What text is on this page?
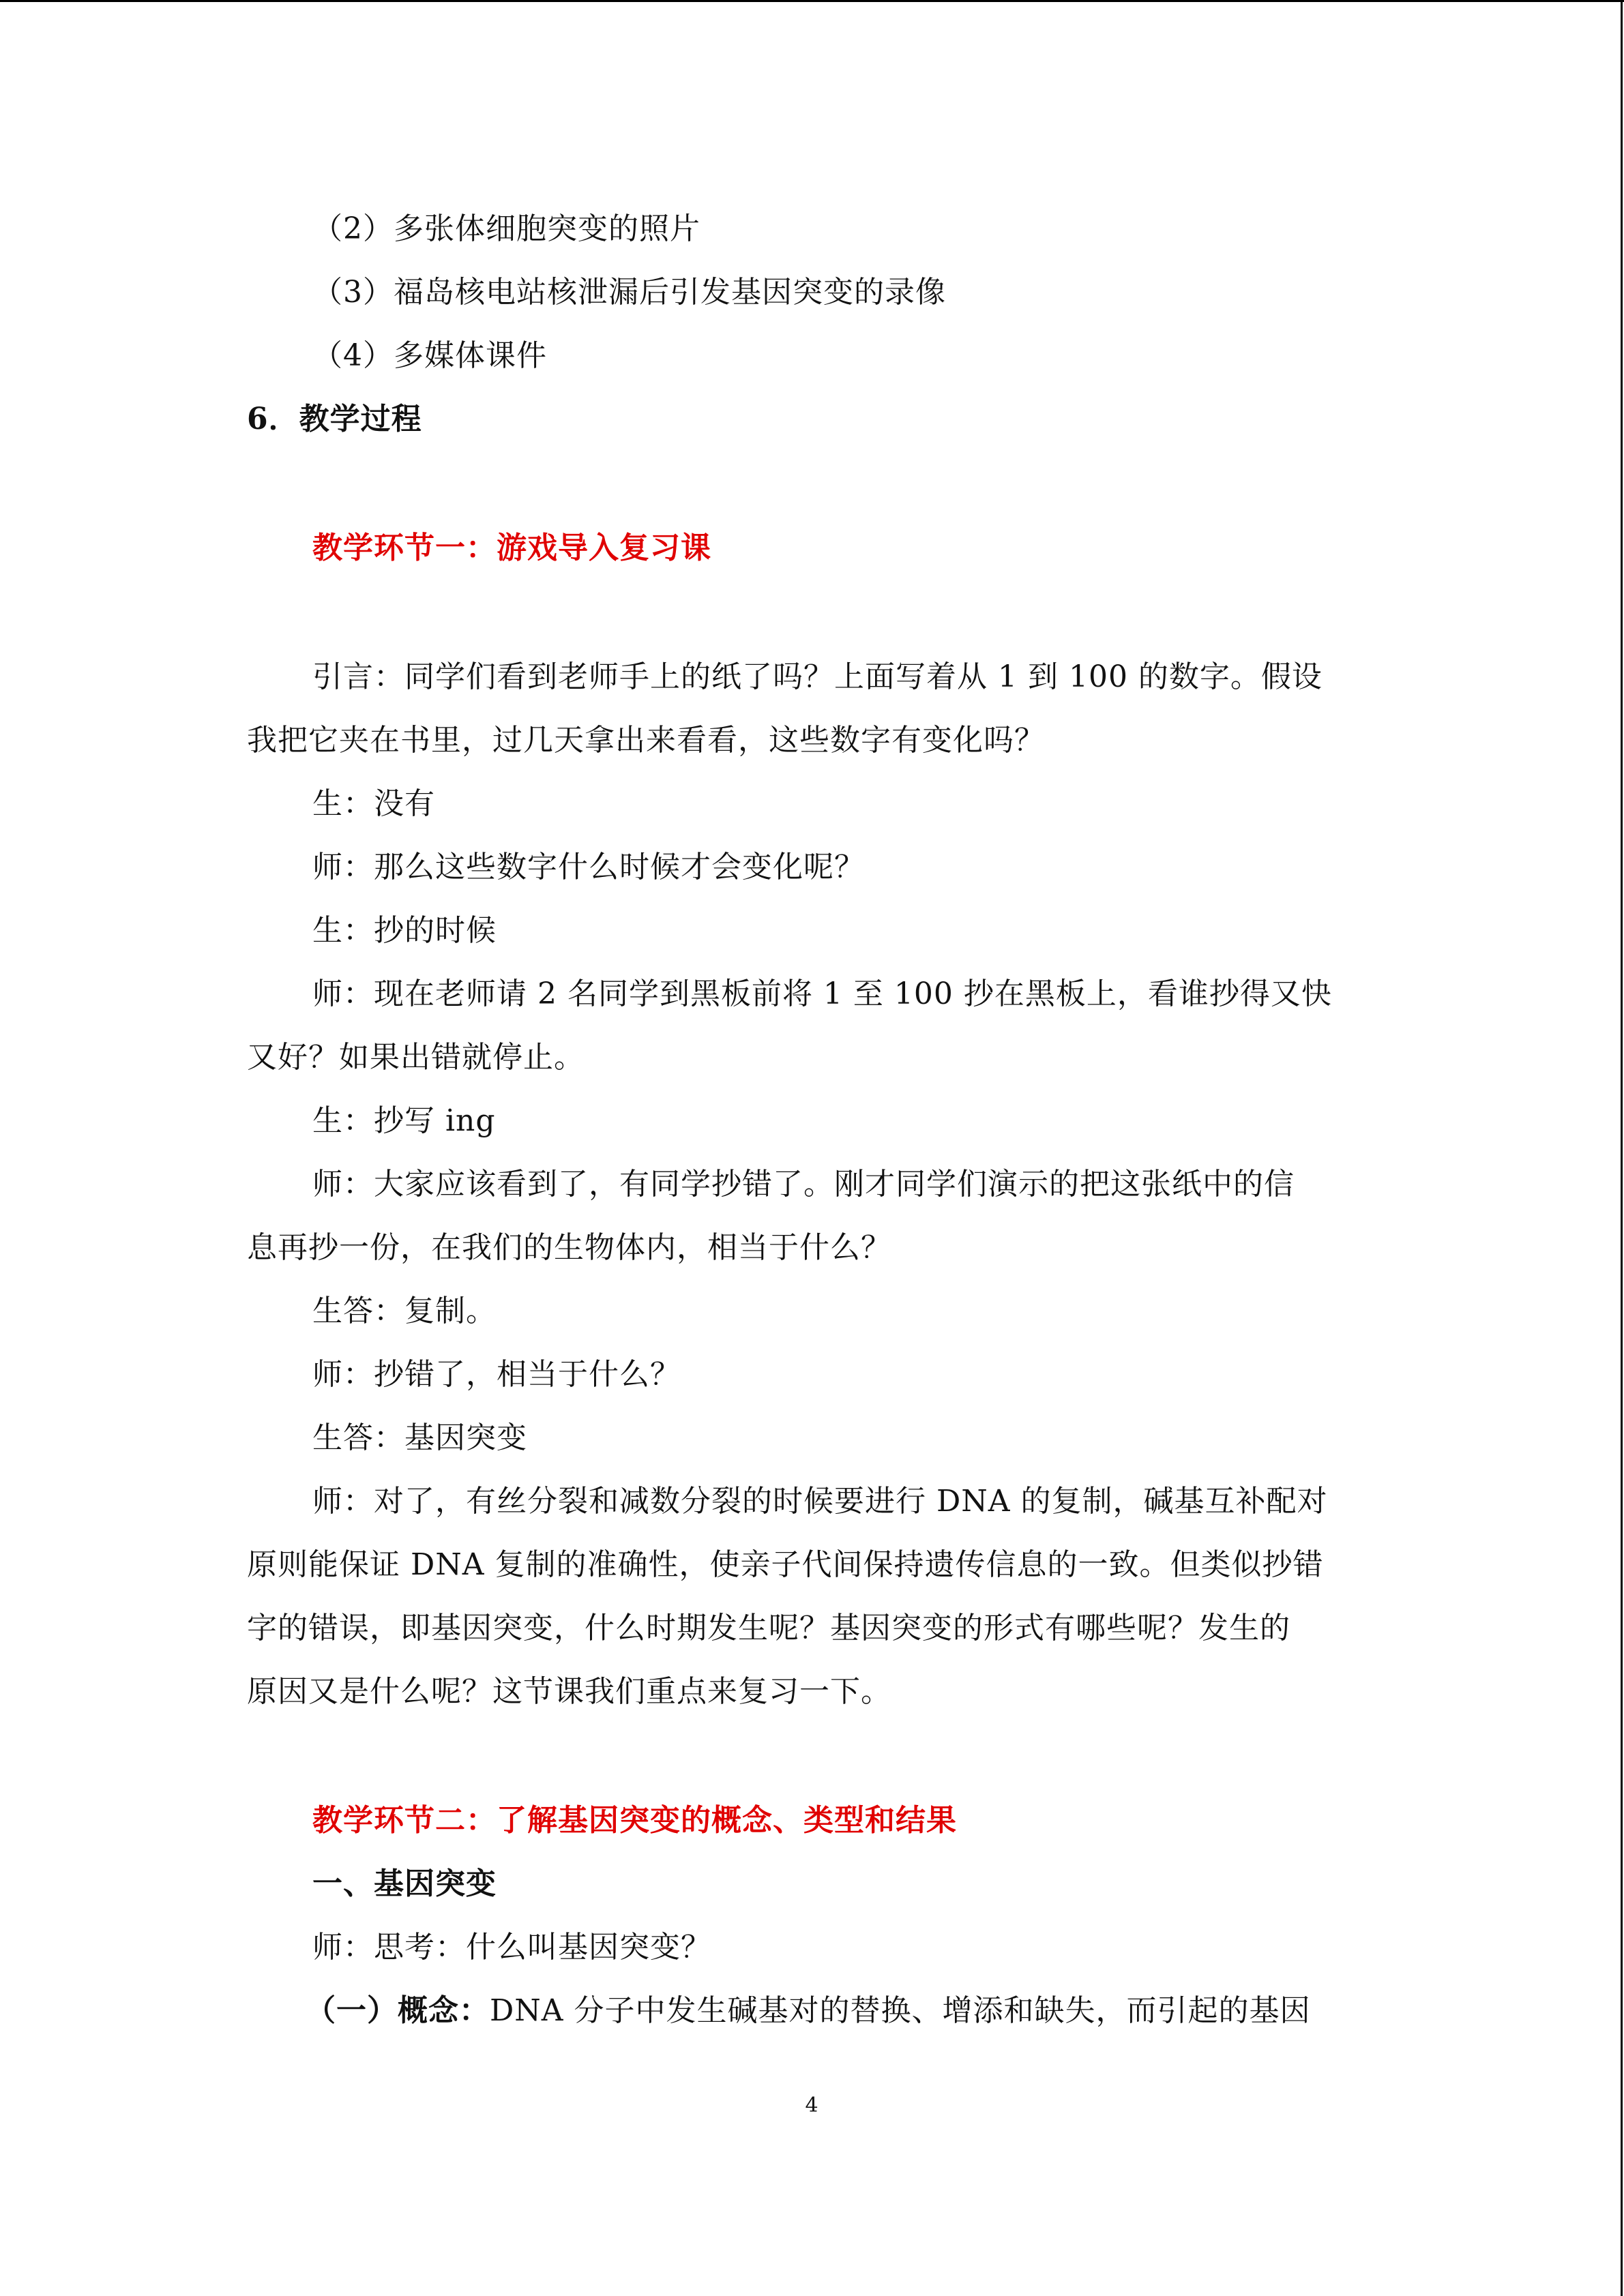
（2）多张体细胞突变的照片
（3）福岛核电站核泄漏后引发基因突变的录像
（4）多媒体课件
6．教学过程
教学环节一：游戏导入复习课
引言：同学们看到老师手上的纸了吗？上面写着从 1 到 100 的数字。假设
我把它夹在书里，过几天拿出来看看，这些数字有变化吗？
生：没有
师：那么这些数字什么时候才会变化呢？
生：抄的时候
师：现在老师请 2 名同学到黑板前将 1 至 100 抄在黑板上，看谁抄得又快
又好？如果出错就停止。
生：抄写 ing
师：大家应该看到了，有同学抄错了。刚才同学们演示的把这张纸中的信
息再抄一份，在我们的生物体内，相当于什么？
生答：复制。
师：抄错了，相当于什么？
生答：基因突变
师：对了，有丝分裂和减数分裂的时候要进行 DNA 的复制，碱基互补配对
原则能保证 DNA 复制的准确性，使亲子代间保持遗传信息的一致。但类似抄错
字的错误，即基因突变，什么时期发生呢？基因突变的形式有哪些呢？发生的
原因又是什么呢？这节课我们重点来复习一下。
教学环节二：了解基因突变的概念、类型和结果
一、基因突变
师：思考：什么叫基因突变？
（一）概念：DNA 分子中发生碱基对的替换、增添和缺失，而引起的基因
4
